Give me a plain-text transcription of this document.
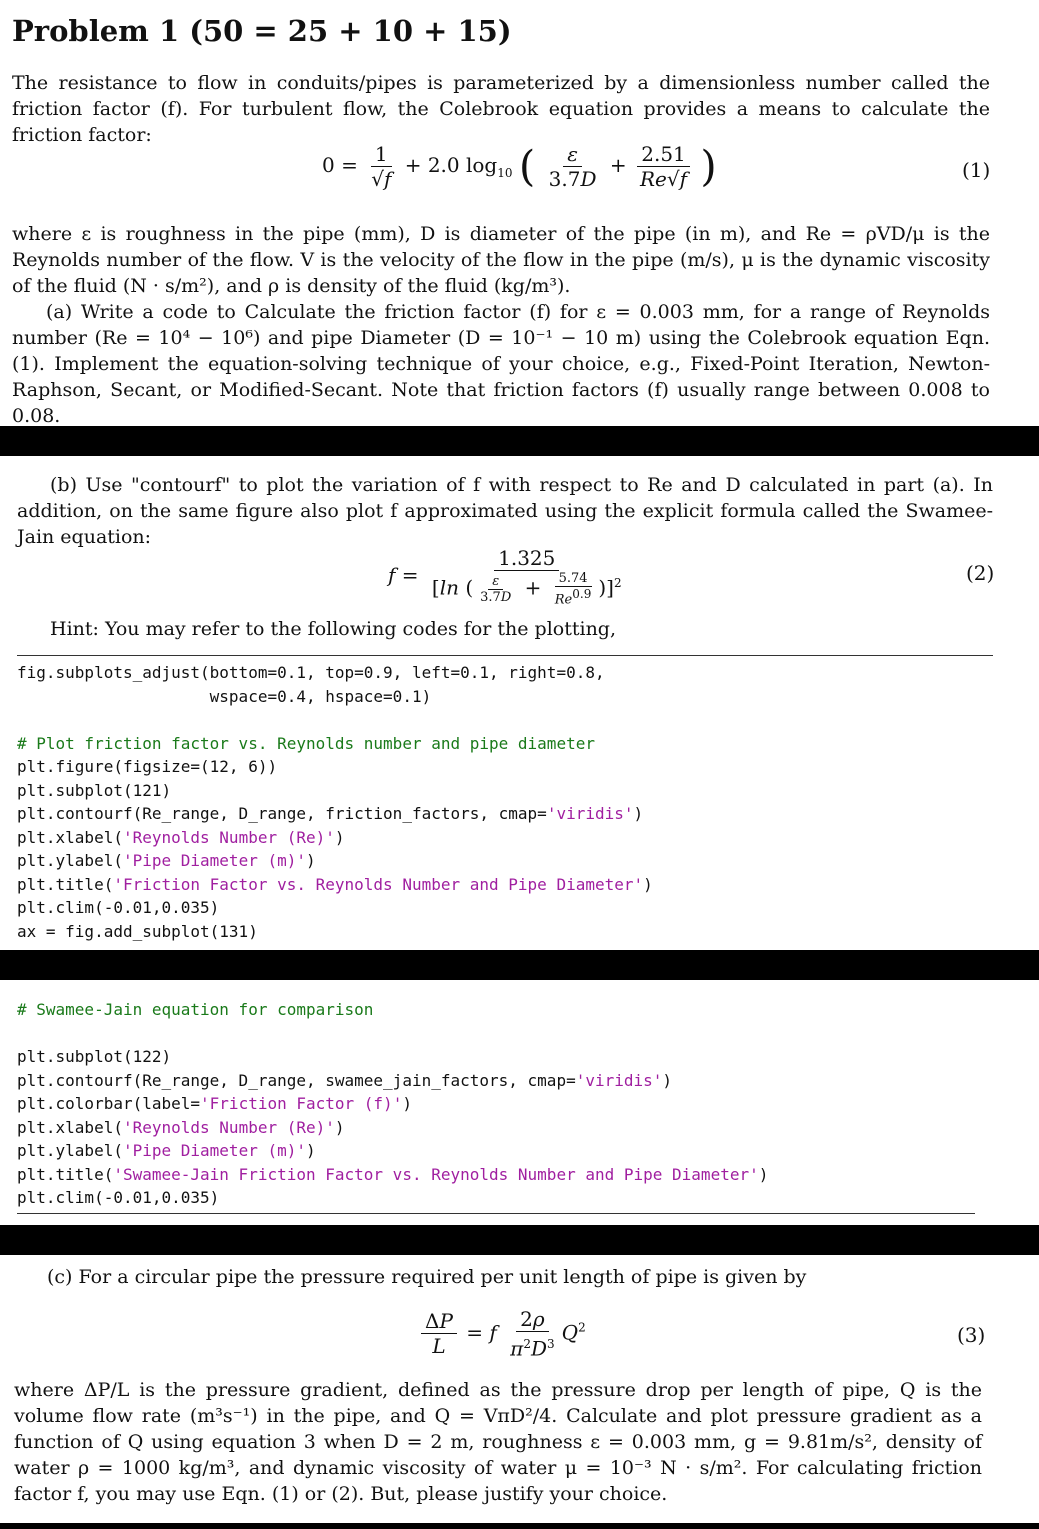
Problem 1 (50 = 25 + 10 + 15)

The resistance to flow in conduits/pipes is parameterized by a dimensionless number called the friction factor (f). For turbulent flow, the Colebrook equation provides a means to calculate the friction factor:

$0 = \frac{1}{√f} + 2.0$ $\log_{10}$ ( $\frac{\varepsilon}{3.7D} + \frac{2.51}{Re√f}$ )	(1)

where ε is roughness in the pipe (mm), D is diameter of the pipe (in m), and Re = ρVD/μ is the Reynolds number of the flow. V is the velocity of the flow in the pipe (m/s), μ is the dynamic viscosity of the fluid (N · s/m²), and ρ is density of the fluid (kg/m³).

(a) Write a code to Calculate the friction factor (f) for ε = 0.003 mm, for a range of Reynolds number (Re = 10⁴ − 10⁶) and pipe Diameter (D = 10⁻¹ − 10 m) using the Colebrook equation Eqn. (1). Implement the equation-solving technique of your choice, e.g., Fixed-Point Iteration, Newton-Raphson, Secant, or Modified-Secant. Note that friction factors (f) usually range between 0.008 to 0.08.

(b) Use "contourf" to plot the variation of f with respect to Re and D calculated in part (a). In addition, on the same figure also plot f approximated using the explicit formula called the Swamee-Jain equation:

$f = \frac{1.325}{[\ln ( \frac{\varepsilon}{3.7D} + \frac{5.74}{Re^{0.9}} )]^2}$	(2)

Hint: You may refer to the following codes for the plotting,

fig.subplots_adjust(bottom=0.1, top=0.9, left=0.1, right=0.8,
wspace=0.4, hspace=0.1)

# Plot friction factor vs. Reynolds number and pipe diameter
plt.figure(figsize=(12, 6))
plt.subplot(121)
plt.contourf(Re_range, D_range, friction_factors, cmap='viridis')
plt.xlabel('Reynolds Number (Re)')
plt.ylabel('Pipe Diameter (m)')
plt.title('Friction Factor vs. Reynolds Number and Pipe Diameter')
plt.clim(-0.01,0.035)
ax = fig.add_subplot(131)
# Swamee-Jain equation for comparison

plt.subplot(122)
plt.contourf(Re_range, D_range, swamee_jain_factors, cmap='viridis')
plt.colorbar(label='Friction Factor (f)')
plt.xlabel('Reynolds Number (Re)')
plt.ylabel('Pipe Diameter (m)')
plt.title('Swamee-Jain Friction Factor vs. Reynolds Number and Pipe Diameter')
plt.clim(-0.01,0.035)

(c) For a circular pipe the pressure required per unit length of pipe is given by

$\frac{\Delta P}{L} = f \frac{2\rho}{\pi^2D^3} Q^2$	(3)

where ΔP/L is the pressure gradient, defined as the pressure drop per length of pipe, Q is the volume flow rate (m³s⁻¹) in the pipe, and Q = VπD²/4. Calculate and plot pressure gradient as a function of Q using equation 3 when D = 2 m, roughness ε = 0.003 mm, g = 9.81m/s², density of water ρ = 1000 kg/m³, and dynamic viscosity of water μ = 10⁻³ N · s/m². For calculating friction factor f, you may use Eqn. (1) or (2). But, please justify your choice.
